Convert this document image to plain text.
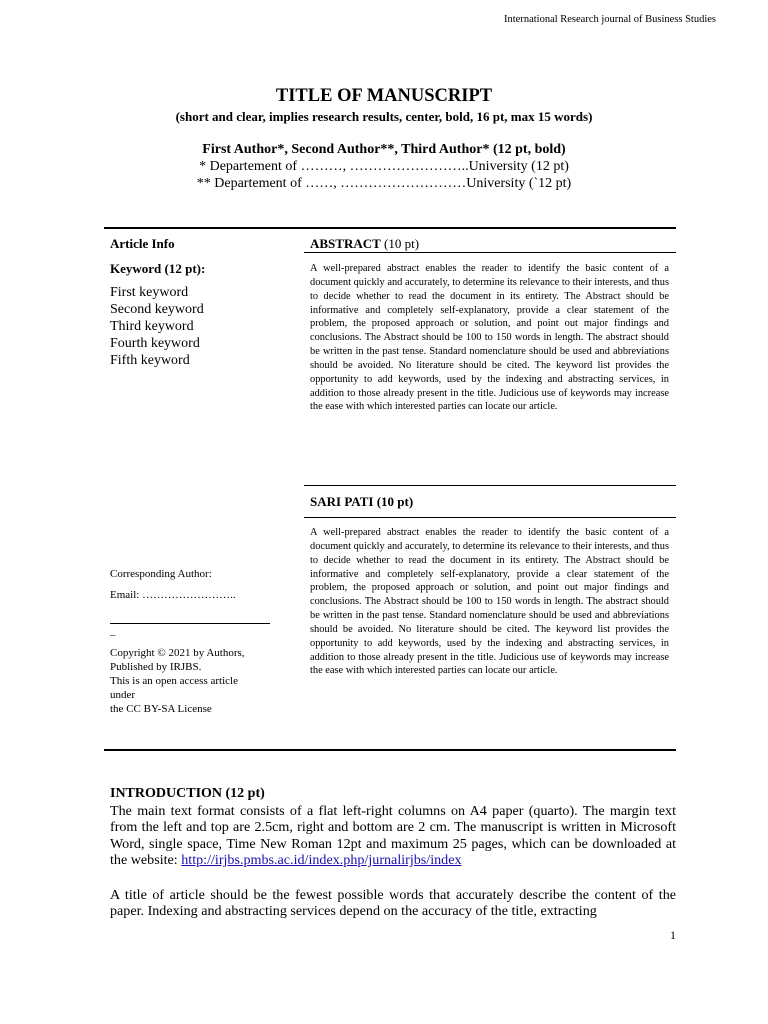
International Research journal of Business Studies
TITLE OF MANUSCRIPT
(short and clear, implies research results, center, bold, 16 pt, max 15 words)
First Author*, Second Author**, Third Author* (12 pt, bold)
* Departement of ………, ……………………..University (12 pt)
** Departement of ……, ………………………University (`12 pt)
Article Info
Keyword (12 pt):
First keyword
Second keyword
Third keyword
Fourth keyword
Fifth keyword
Corresponding Author:
Email: ……………………..
–
Copyright © 2021 by Authors,
Published by IRJBS.
This is an open access article
under
the CC BY-SA License
ABSTRACT (10 pt)
A well-prepared abstract enables the reader to identify the basic content of a document quickly and accurately, to determine its relevance to their interests, and thus to decide whether to read the document in its entirety. The Abstract should be informative and completely self-explanatory, provide a clear statement of the problem, the proposed approach or solution, and point out major findings and conclusions. The Abstract should be 100 to 150 words in length. The abstract should be written in the past tense. Standard nomenclature should be used and abbreviations should be avoided. No literature should be cited. The keyword list provides the opportunity to add keywords, used by the indexing and abstracting services, in addition to those already present in the title. Judicious use of keywords may increase the ease with which interested parties can locate our article.
SARI PATI (10 pt)
A well-prepared abstract enables the reader to identify the basic content of a document quickly and accurately, to determine its relevance to their interests, and thus to decide whether to read the document in its entirety. The Abstract should be informative and completely self-explanatory, provide a clear statement of the problem, the proposed approach or solution, and point out major findings and conclusions. The Abstract should be 100 to 150 words in length. The abstract should be written in the past tense. Standard nomenclature should be used and abbreviations should be avoided. No literature should be cited. The keyword list provides the opportunity to add keywords, used by the indexing and abstracting services, in addition to those already present in the title. Judicious use of keywords may increase the ease with which interested parties can locate our article.
INTRODUCTION (12 pt)
The main text format consists of a flat left-right columns on A4 paper (quarto). The margin text from the left and top are 2.5cm, right and bottom are 2 cm. The manuscript is written in Microsoft Word, single space, Time New Roman 12pt and maximum 25 pages, which can be downloaded at the website: http://irjbs.pmbs.ac.id/index.php/jurnalirjbs/index
A title of article should be the fewest possible words that accurately describe the content of the paper. Indexing and abstracting services depend on the accuracy of the title, extracting
1
